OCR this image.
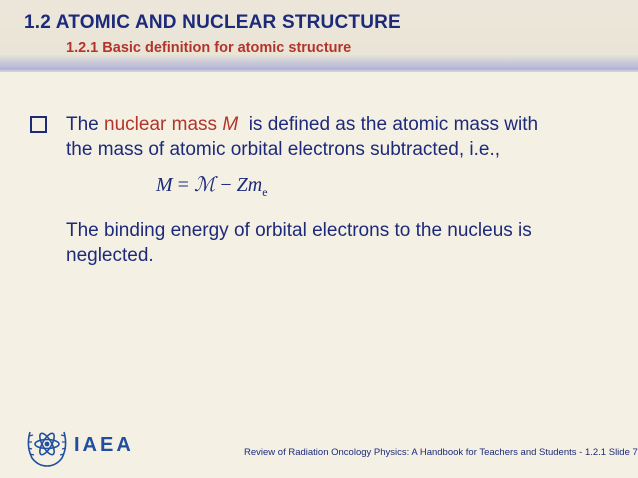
1.2 ATOMIC AND NUCLEAR STRUCTURE
1.2.1 Basic definition for atomic structure
The nuclear mass M  is defined as the atomic mass with
the mass of atomic orbital electrons subtracted, i.e.,
M = ℳ − $Zm_e$
The binding energy of orbital electrons to the nucleus is
neglected.
IAEA	Review of Radiation Oncology Physics: A Handbook for Teachers and Students - 1.2.1 Slide 7
